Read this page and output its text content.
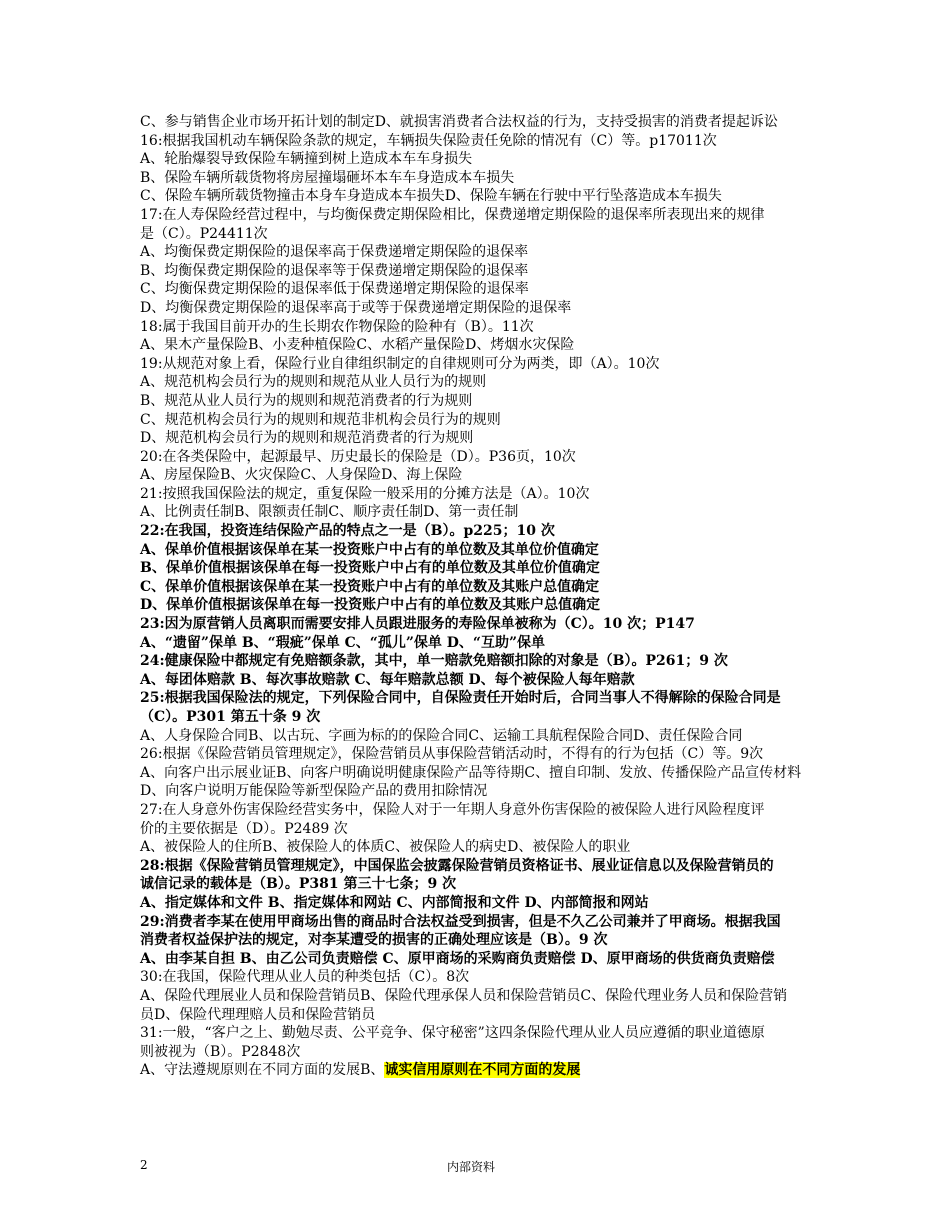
C、参与销售企业市场开拓计划的制定D、就损害消费者合法权益的行为，支持受损害的消费者提起诉讼

16:根据我国机动车辆保险条款的规定，车辆损失保险责任免除的情况有（C）等。p17011次

A、轮胎爆裂导致保险车辆撞到树上造成本车车身损失

B、保险车辆所载货物将房屋撞塌砸坏本车车身造成本车损失

C、保险车辆所载货物撞击本身车身造成本车损失D、保险车辆在行驶中平行坠落造成本车损失

17:在人寿保险经营过程中，与均衡保费定期保险相比，保费递增定期保险的退保率所表现出来的规律

是（C）。P24411次

A、均衡保费定期保险的退保率高于保费递增定期保险的退保率

B、均衡保费定期保险的退保率等于保费递增定期保险的退保率

C、均衡保费定期保险的退保率低于保费递增定期保险的退保率

D、均衡保费定期保险的退保率高于或等于保费递增定期保险的退保率

18:属于我国目前开办的生长期农作物保险的险种有（B）。11次

A、果木产量保险B、小麦种植保险C、水稻产量保险D、烤烟水灾保险

19:从规范对象上看，保险行业自律组织制定的自律规则可分为两类，即（A）。10次

A、规范机构会员行为的规则和规范从业人员行为的规则

B、规范从业人员行为的规则和规范消费者的行为规则

C、规范机构会员行为的规则和规范非机构会员行为的规则

D、规范机构会员行为的规则和规范消费者的行为规则

20:在各类保险中，起源最早、历史最长的保险是（D）。P36页，10次

A、房屋保险B、火灾保险C、人身保险D、海上保险

21:按照我国保险法的规定，重复保险一般采用的分摊方法是（A）。10次

A、比例责任制B、限额责任制C、顺序责任制D、第一责任制

22:在我国，投资连结保险产品的特点之一是（B）。p225；10 次

A、保单价值根据该保单在某一投资账户中占有的单位数及其单位价值确定

B、保单价值根据该保单在每一投资账户中占有的单位数及其单位价值确定

C、保单价值根据该保单在某一投资账户中占有的单位数及其账户总值确定

D、保单价值根据该保单在每一投资账户中占有的单位数及其账户总值确定

23:因为原营销人员离职而需要安排人员跟进服务的寿险保单被称为（C）。10 次；P147

A、“遗留”保单 B、“瑕疵”保单 C、“孤儿”保单 D、“互助”保单

24:健康保险中都规定有免赔额条款，其中，单一赔款免赔额扣除的对象是（B）。P261；9 次

A、每团体赔款 B、每次事故赔款 C、每年赔款总额 D、每个被保险人每年赔款

25:根据我国保险法的规定，下列保险合同中，自保险责任开始时后，合同当事人不得解除的保险合同是

（C）。P301 第五十条 9 次

A、人身保险合同B、以古玩、字画为标的的保险合同C、运输工具航程保险合同D、责任保险合同

26:根据《保险营销员管理规定》，保险营销员从事保险营销活动时，不得有的行为包括（C）等。9次

A、向客户出示展业证B、向客户明确说明健康保险产品等待期C、擅自印制、发放、传播保险产品宣传材料

D、向客户说明万能保险等新型保险产品的费用扣除情况

27:在人身意外伤害保险经营实务中，保险人对于一年期人身意外伤害保险的被保险人进行风险程度评

价的主要依据是（D）。P2489 次

A、被保险人的住所B、被保险人的体质C、被保险人的病史D、被保险人的职业

28:根据《保险营销员管理规定》，中国保监会披露保险营销员资格证书、展业证信息以及保险营销员的

诚信记录的载体是（B）。P381 第三十七条；9 次

A、指定媒体和文件 B、指定媒体和网站 C、内部简报和文件 D、内部简报和网站

29:消费者李某在使用甲商场出售的商品时合法权益受到损害，但是不久乙公司兼并了甲商场。根据我国

消费者权益保护法的规定，对李某遭受的损害的正确处理应该是（B）。9 次

A、由李某自担 B、由乙公司负责赔偿 C、原甲商场的采购商负责赔偿 D、原甲商场的供货商负责赔偿

30:在我国，保险代理从业人员的种类包括（C）。8次

A、保险代理展业人员和保险营销员B、保险代理承保人员和保险营销员C、保险代理业务人员和保险营销

员D、保险代理理赔人员和保险营销员

31:一般，“客户之上、勤勉尽责、公平竞争、保守秘密”这四条保险代理从业人员应遵循的职业道德原

则被视为（B）。P2848次

A、守法遵规原则在不同方面的发展B、诚实信用原则在不同方面的发展

2	内部资料
